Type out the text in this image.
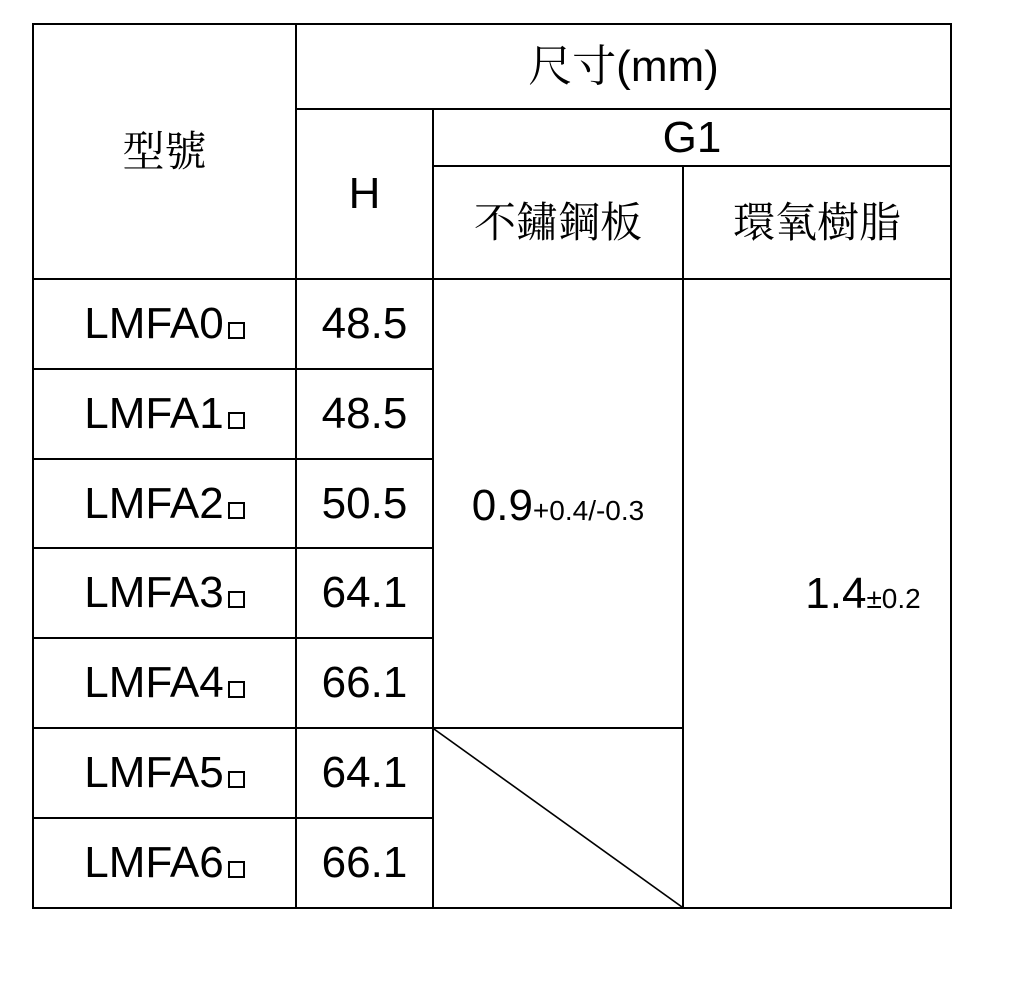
型號	尺寸(mm)		
	H	G1	
		不鏽鋼板	環氧樹脂
LMFA0	48.5	0.9+0.4/-0.3	1.4±0.2
LMFA1	48.5		
LMFA2	50.5		
LMFA3	64.1		
LMFA4	66.1		
LMFA5	64.1	

LMFA6	66.1		
